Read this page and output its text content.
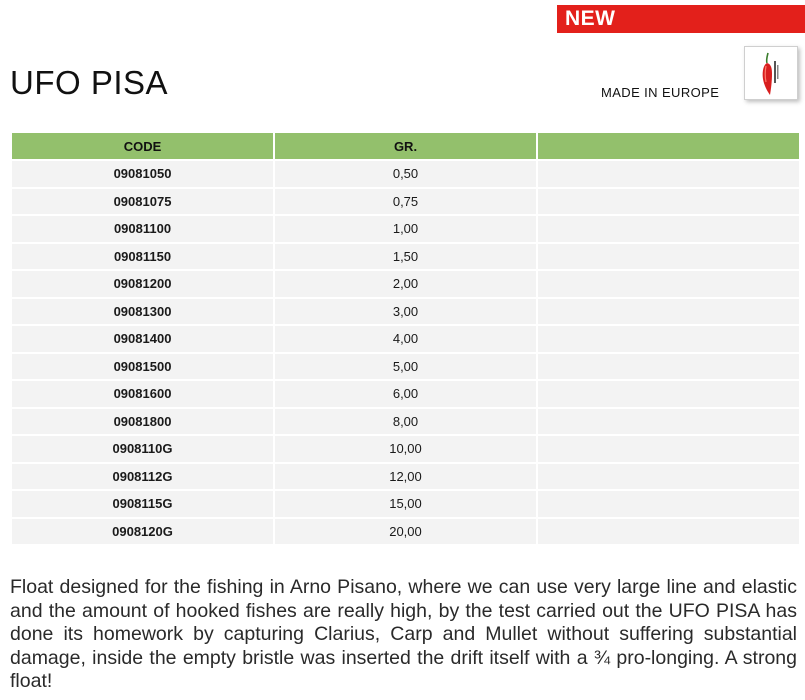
NEW
UFO PISA	MADE IN EUROPE
CODE	GR.	
09081050	0,50	
09081075	0,75	
09081100	1,00	
09081150	1,50	
09081200	2,00	
09081300	3,00	
09081400	4,00	
09081500	5,00	
09081600	6,00	
09081800	8,00	
0908110G	10,00	
0908112G	12,00	
0908115G	15,00	
0908120G	20,00	

Float designed for the fishing in Arno Pisano, where we can use very large line and elastic and the amount of hooked fishes are really high, by the test carried out the UFO PISA has done its homework by capturing Clarius, Carp and Mullet without suffering substantial damage, inside the empty bristle was inserted the drift itself with a ¾ pro-longing. A strong float!
